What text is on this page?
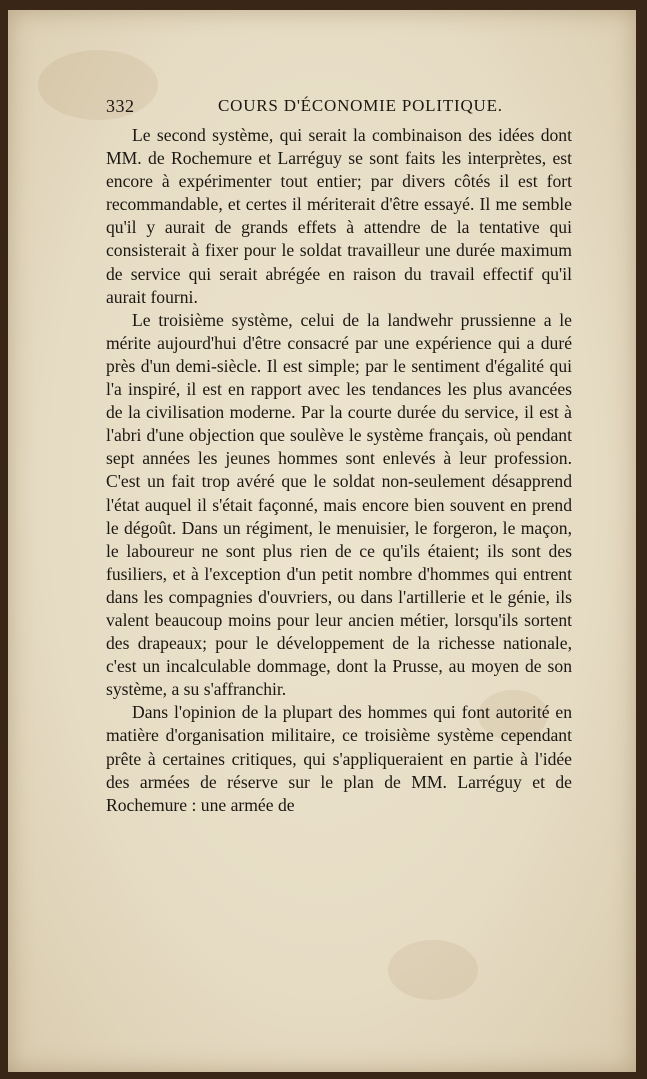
332	COURS D'ÉCONOMIE POLITIQUE.

Le second système, qui serait la combinaison des idées dont MM. de Rochemure et Larréguy se sont faits les interprètes, est encore à expérimenter tout entier; par divers côtés il est fort recommandable, et certes il mériterait d'être essayé. Il me semble qu'il y aurait de grands effets à attendre de la tentative qui consisterait à fixer pour le soldat travailleur une durée maximum de service qui serait abrégée en raison du travail effectif qu'il aurait fourni.

Le troisième système, celui de la landwehr prussienne a le mérite aujourd'hui d'être consacré par une expérience qui a duré près d'un demi-siècle. Il est simple; par le sentiment d'égalité qui l'a inspiré, il est en rapport avec les tendances les plus avancées de la civilisation moderne. Par la courte durée du service, il est à l'abri d'une objection que soulève le système français, où pendant sept années les jeunes hommes sont enlevés à leur profession. C'est un fait trop avéré que le soldat non-seulement désapprend l'état auquel il s'était façonné, mais encore bien souvent en prend le dégoût. Dans un régiment, le menuisier, le forgeron, le maçon, le laboureur ne sont plus rien de ce qu'ils étaient; ils sont des fusiliers, et à l'exception d'un petit nombre d'hommes qui entrent dans les compagnies d'ouvriers, ou dans l'artillerie et le génie, ils valent beaucoup moins pour leur ancien métier, lorsqu'ils sortent des drapeaux; pour le développement de la richesse nationale, c'est un incalculable dommage, dont la Prusse, au moyen de son système, a su s'affranchir.

Dans l'opinion de la plupart des hommes qui font autorité en matière d'organisation militaire, ce troisième système cependant prête à certaines critiques, qui s'appliqueraient en partie à l'idée des armées de réserve sur le plan de MM. Larréguy et de Rochemure : une armée de
